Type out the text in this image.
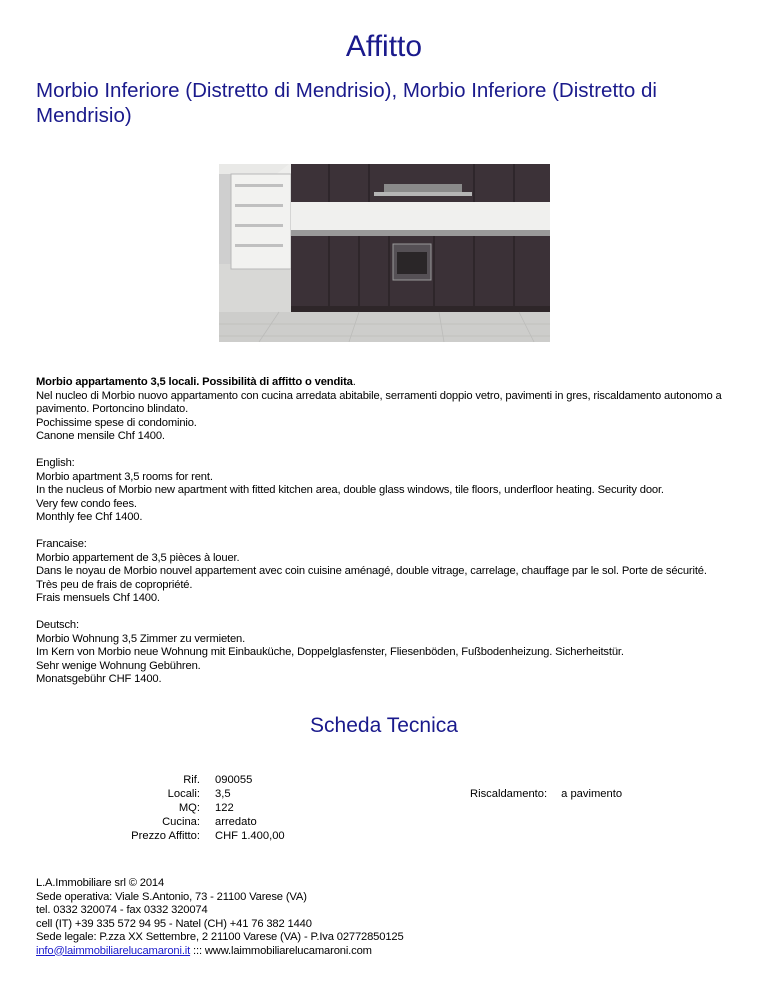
Affitto
Morbio Inferiore (Distretto di Mendrisio), Morbio Inferiore (Distretto di Mendrisio)

Morbio appartamento 3,5 locali. Possibilità di affitto o vendita.
Nel nucleo di Morbio nuovo appartamento con cucina arredata abitabile, serramenti doppio vetro, pavimenti in gres, riscaldamento autonomo a pavimento. Portoncino blindato.
Pochissime spese di condominio.
Canone mensile Chf 1400.

English:
Morbio apartment 3,5 rooms for rent.
In the nucleus of Morbio new apartment with fitted kitchen area, double glass windows, tile floors, underfloor heating. Security door.
Very few condo fees.
Monthly fee Chf 1400.

Francaise:
Morbio appartement de 3,5 pièces à louer.
Dans le noyau de Morbio nouvel appartement avec coin cuisine aménagé, double vitrage, carrelage, chauffage par le sol. Porte de sécurité.
Très peu de frais de copropriété.
Frais mensuels Chf 1400.

Deutsch:
Morbio Wohnung 3,5 Zimmer zu vermieten.
Im Kern von Morbio neue Wohnung mit Einbauküche, Doppelglasfenster, Fliesenböden, Fußbodenheizung. Sicherheitstür.
Sehr wenige Wohnung Gebühren.
Monatsgebühr CHF 1400.

Scheda Tecnica
Rif.	090055
Locali:	3,5
MQ:	122
Cucina:	arredato
Prezzo Affitto:	CHF 1.400,00
Riscaldamento:	a pavimento
L.A.Immobiliare srl © 2014
Sede operativa: Viale S.Antonio, 73 - 21100 Varese (VA)
tel. 0332 320074 - fax 0332 320074
cell (IT) +39 335 572 94 95 - Natel (CH) +41 76 382 1440
Sede legale: P.zza XX Settembre, 2 21100 Varese (VA) - P.Iva 02772850125
info@laimmobiliarelucamaroni.it ::: www.laimmobiliarelucamaroni.com
